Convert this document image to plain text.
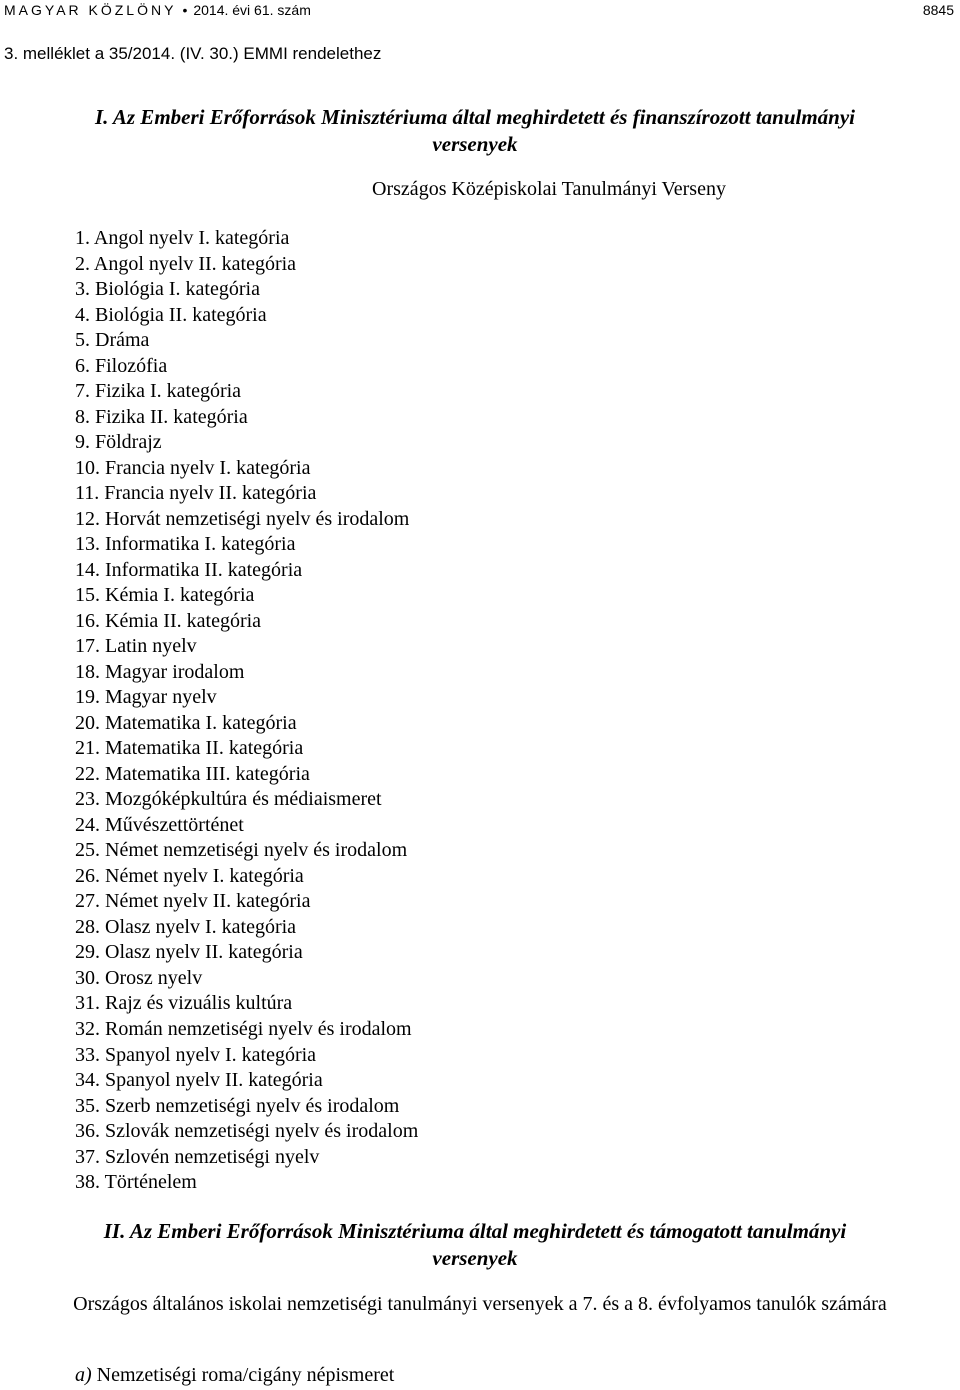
MAGYAR KÖZLÖNY • 2014. évi 61. szám	8845
3. melléklet a 35/2014. (IV. 30.) EMMI rendelethez
I. Az Emberi Erőforrások Minisztériuma által meghirdetett és finanszírozott tanulmányi versenyek
Országos Középiskolai Tanulmányi Verseny
1. Angol nyelv I. kategória
2. Angol nyelv II. kategória
3. Biológia I. kategória
4. Biológia II. kategória
5. Dráma
6. Filozófia
7. Fizika I. kategória
8. Fizika II. kategória
9. Földrajz
10. Francia nyelv I. kategória
11. Francia nyelv II. kategória
12. Horvát nemzetiségi nyelv és irodalom
13. Informatika I. kategória
14. Informatika II. kategória
15. Kémia I. kategória
16. Kémia II. kategória
17. Latin nyelv
18. Magyar irodalom
19. Magyar nyelv
20. Matematika I. kategória
21. Matematika II. kategória
22. Matematika III. kategória
23. Mozgóképkultúra és médiaismeret
24. Művészettörténet
25. Német nemzetiségi nyelv és irodalom
26. Német nyelv I. kategória
27. Német nyelv II. kategória
28. Olasz nyelv I. kategória
29. Olasz nyelv II. kategória
30. Orosz nyelv
31. Rajz és vizuális kultúra
32. Román nemzetiségi nyelv és irodalom
33. Spanyol nyelv I. kategória
34. Spanyol nyelv II. kategória
35. Szerb nemzetiségi nyelv és irodalom
36. Szlovák nemzetiségi nyelv és irodalom
37. Szlovén nemzetiségi nyelv
38. Történelem
II. Az Emberi Erőforrások Minisztériuma által meghirdetett és támogatott tanulmányi versenyek
Országos általános iskolai nemzetiségi tanulmányi versenyek a 7. és a 8. évfolyamos tanulók számára
a) Nemzetiségi roma/cigány népismeret
